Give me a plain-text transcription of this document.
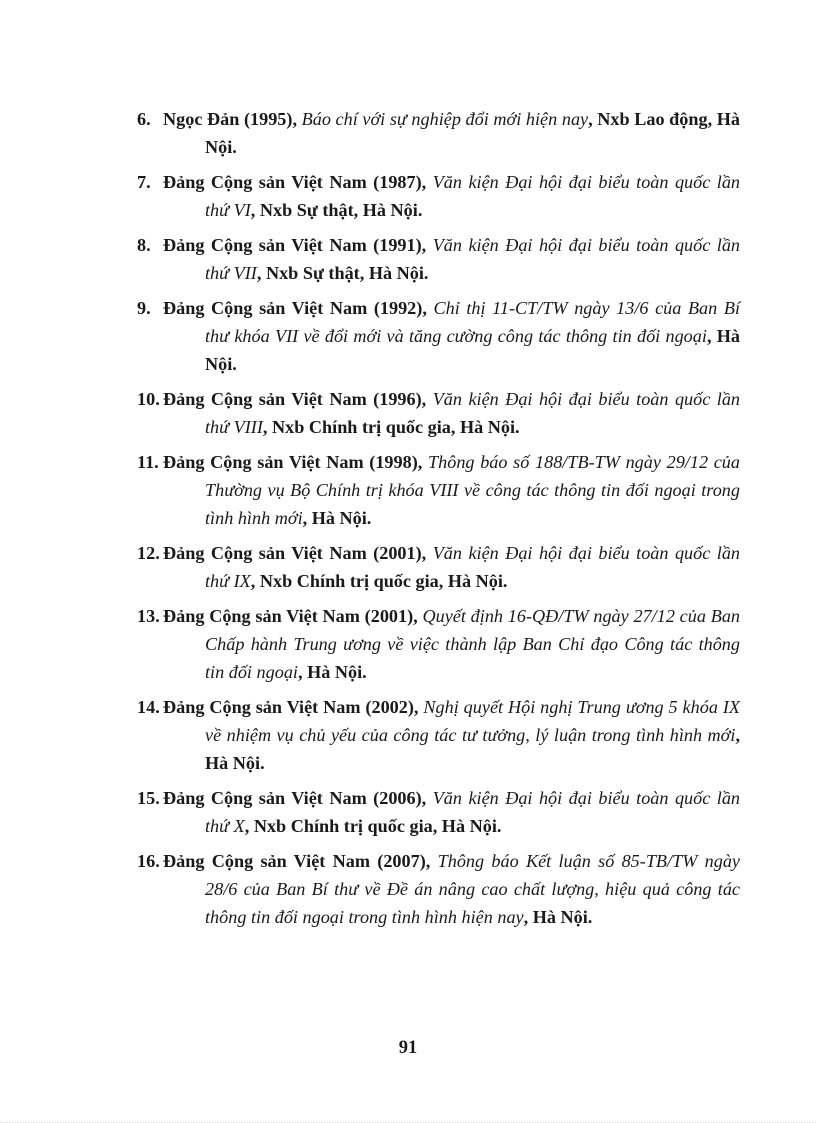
6. Ngọc Đản (1995), Báo chí với sự nghiệp đổi mới hiện nay, Nxb Lao động, Hà Nội.
7. Đảng Cộng sản Việt Nam (1987), Văn kiện Đại hội đại biểu toàn quốc lần thứ VI, Nxb Sự thật, Hà Nội.
8. Đảng Cộng sản Việt Nam (1991), Văn kiện Đại hội đại biểu toàn quốc lần thứ VII, Nxb Sự thật, Hà Nội.
9. Đảng Cộng sản Việt Nam (1992), Chỉ thị 11-CT/TW ngày 13/6 của Ban Bí thư khóa VII về đổi mới và tăng cường công tác thông tin đối ngoại, Hà Nội.
10. Đảng Cộng sản Việt Nam (1996), Văn kiện Đại hội đại biểu toàn quốc lần thứ VIII, Nxb Chính trị quốc gia, Hà Nội.
11. Đảng Cộng sản Việt Nam (1998), Thông báo số 188/TB-TW ngày 29/12 của Thường vụ Bộ Chính trị khóa VIII về công tác thông tin đối ngoại trong tình hình mới, Hà Nội.
12. Đảng Cộng sản Việt Nam (2001), Văn kiện Đại hội đại biểu toàn quốc lần thứ IX, Nxb Chính trị quốc gia, Hà Nội.
13. Đảng Cộng sản Việt Nam (2001), Quyết định 16-QĐ/TW ngày 27/12 của Ban Chấp hành Trung ương về việc thành lập Ban Chỉ đạo Công tác thông tin đối ngoại, Hà Nội.
14. Đảng Cộng sản Việt Nam (2002), Nghị quyết Hội nghị Trung ương 5 khóa IX về nhiệm vụ chủ yếu của công tác tư tưởng, lý luận trong tình hình mới, Hà Nội.
15. Đảng Cộng sản Việt Nam (2006), Văn kiện Đại hội đại biểu toàn quốc lần thứ X, Nxb Chính trị quốc gia, Hà Nội.
16. Đảng Cộng sản Việt Nam (2007), Thông báo Kết luận số 85-TB/TW ngày 28/6 của Ban Bí thư về Đề án nâng cao chất lượng, hiệu quả công tác thông tin đối ngoại trong tình hình hiện nay, Hà Nội.
91
